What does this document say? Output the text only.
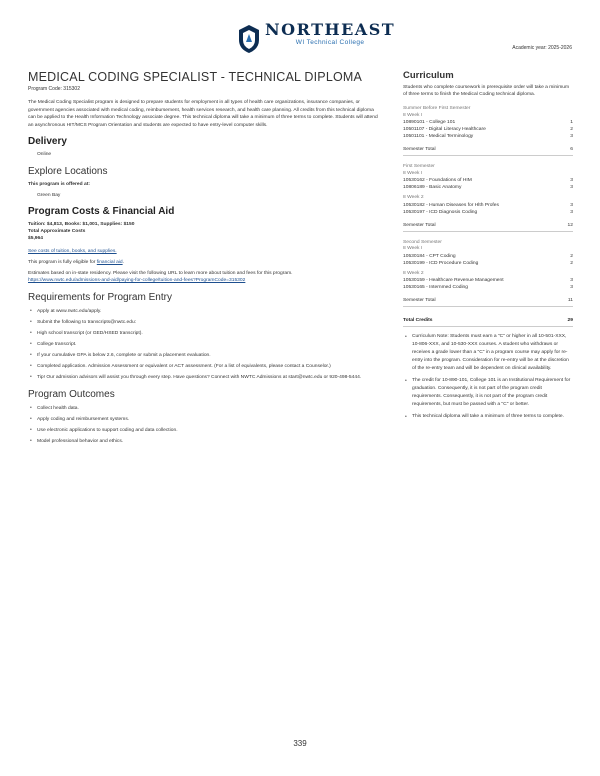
NORTHEAST
WI Technical College
Academic year: 2025-2026
MEDICAL CODING SPECIALIST - TECHNICAL DIPLOMA
Program Code: 315302

The Medical Coding Specialist program is designed to prepare students for employment in all types of health care organizations, insurance companies, or government agencies associated with medical coding, reimbursement, health services research, and health care planning. All credits from this technical diploma can be applied to the Health Information Technology associate degree. This technical diploma will take a minimum of three terms to complete. Students will attend an asynchronous HIT/MCS Program Orientation and students are expected to have entry-level computer skills.

Delivery
Online
Explore Locations
This program is offered at:
Green Bay
Program Costs & Financial Aid
Tuition: $4,813, Books: $1,001, Supplies: $150
Total Approximate Costs
$5,964
See costs of tuition, books, and supplies.
This program is fully eligible for financial aid.
Estimates based on in-state residency. Please visit the following URL to learn more about tuition and fees for this program.
https://www.nwtc.edu/admissions-and-aid/paying-for-college/tuition-and-fees?ProgramCode=315302
Requirements for Program Entry
• Apply at www.nwtc.edu/apply.
• Submit the following to transcripts@nwtc.edu:
• High school transcript (or GED/HSED transcript).
• College transcript.
• If your cumulative GPA is below 2.6, complete or submit a placement evaluation.
• Completed application. Admission Assessment or equivalent or ACT assessment. (For a list of equivalents, please contact a Counselor.)
• Tip! Our admission advisors will assist you through every step. Have questions? Connect with NWTC Admissions at start@nwtc.edu or 920-498-5444.
Program Outcomes
• Collect health data.
• Apply coding and reimbursement systems.
• Use electronic applications to support coding and data collection.
• Model professional behavior and ethics.
Curriculum

Students who complete coursework in prerequisite order will take a minimum of three terms to finish the Medical Coding technical diploma.

Summer Before First Semester
8 Week I
10890101 - College 101	1
10501107 - Digital Literacy Healthcare	2
10501101 - Medical Terminology	3
Semester Total	6
First Semester
8 Week I
10530162 - Foundations of HIM	3
10806189 - Basic Anatomy	3
8 Week 2
10530182 - Human Diseases for Hlth Profes	3
10530197 - ICD Diagnosis Coding	3
Semester Total	12
Second Semester
8 Week I
10530184 - CPT Coding	2
10530199 - ICD Procedure Coding	2
8 Week 2
10530159 - Healthcare Revenue Management	3
10530165 - Internmed Coding	3
Semester Total	11
Total Credits	29
• Curriculum Note: Students must earn a "C" or higher in all 10-501-XXX, 10-806-XXX, and 10-530-XXX courses. A student who withdraws or receives a grade lower than a "C" in a program course may apply for re-entry into the program. Consideration for re-entry will be at the discretion of the re-entry team and will be dependent on clinical availability.
• The credit for 10-890-101, College 101 is an Institutional Requirement for graduation. Consequently, it is not part of the program credit requirements. Consequently, it is not part of the program credit requirements, but must be passed with a "C" or better.
• This technical diploma will take a minimum of three terms to complete.
339
